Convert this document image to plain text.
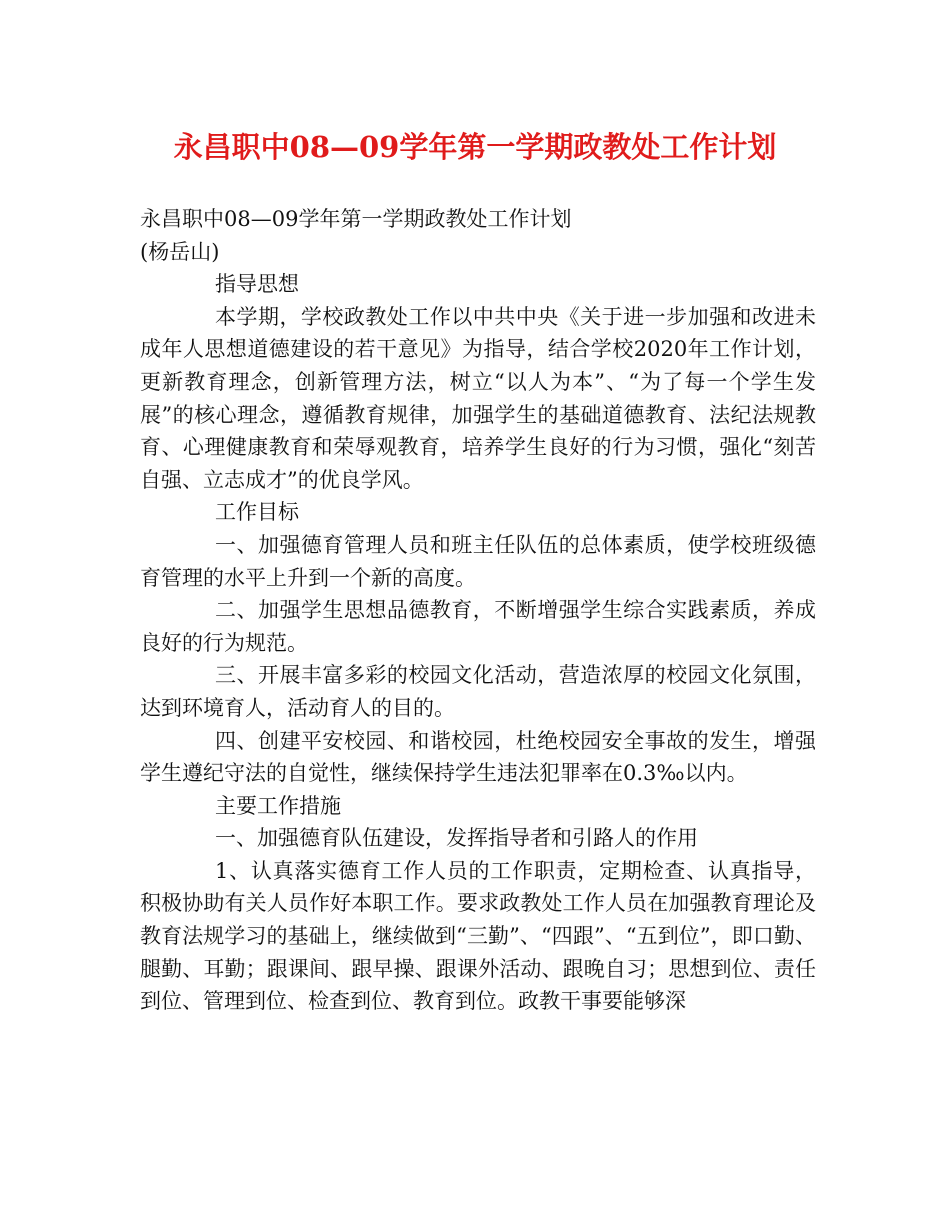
永昌职中08—09学年第一学期政教处工作计划

永昌职中08—09学年第一学期政教处工作计划

(杨岳山)

指导思想

本学期，学校政教处工作以中共中央《关于进一步加强和改进未成年人思想道德建设的若干意见》为指导，结合学校2020年工作计划，更新教育理念，创新管理方法，树立“以人为本”、“为了每一个学生发展”的核心理念，遵循教育规律，加强学生的基础道德教育、法纪法规教育、心理健康教育和荣辱观教育，培养学生良好的行为习惯，强化“刻苦自强、立志成才”的优良学风。

工作目标

一、加强德育管理人员和班主任队伍的总体素质，使学校班级德育管理的水平上升到一个新的高度。

二、加强学生思想品德教育，不断增强学生综合实践素质，养成良好的行为规范。

三、开展丰富多彩的校园文化活动，营造浓厚的校园文化氛围，达到环境育人，活动育人的目的。

四、创建平安校园、和谐校园，杜绝校园安全事故的发生，增强学生遵纪守法的自觉性，继续保持学生违法犯罪率在0.3‰以内。

主要工作措施

一、加强德育队伍建设，发挥指导者和引路人的作用

1、认真落实德育工作人员的工作职责，定期检查、认真指导，积极协助有关人员作好本职工作。要求政教处工作人员在加强教育理论及教育法规学习的基础上，继续做到“三勤”、“四跟”、“五到位”，即口勤、腿勤、耳勤；跟课间、跟早操、跟课外活动、跟晚自习；思想到位、责任到位、管理到位、检查到位、教育到位。政教干事要能够深
